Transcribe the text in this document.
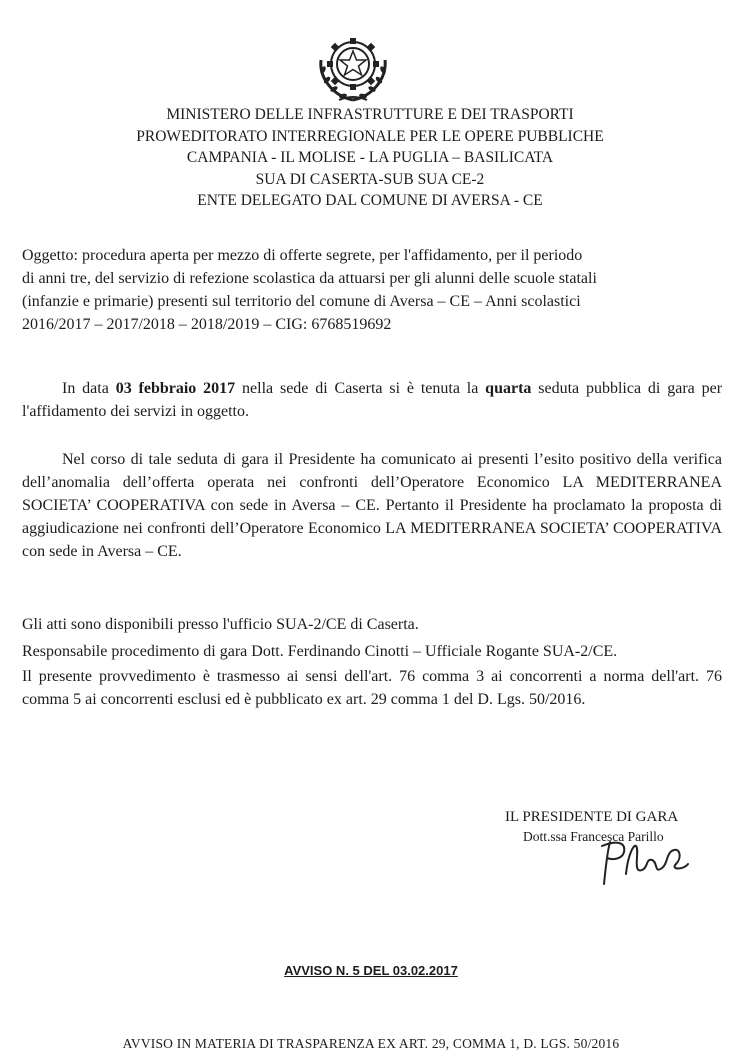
MINISTERO DELLE INFRASTRUTTURE E DEI TRASPORTI
PROWEDITORATO INTERREGIONALE PER LE OPERE PUBBLICHE
CAMPANIA - IL MOLISE - LA PUGLIA – BASILICATA
SUA DI CASERTA-SUB SUA CE-2
ENTE DELEGATO DAL COMUNE DI AVERSA - CE
Oggetto: procedura aperta per mezzo di offerte segrete, per l'affidamento, per il periodo
di anni tre, del servizio di refezione scolastica da attuarsi per gli alunni delle scuole statali
(infanzie e primarie) presenti sul territorio del comune di Aversa – CE – Anni scolastici
2016/2017 – 2017/2018 – 2018/2019 – CIG: 6768519692
In data 03 febbraio 2017 nella sede di Caserta si è tenuta la quarta seduta pubblica di gara per l'affidamento dei servizi in oggetto.
Nel corso di tale seduta di gara il Presidente ha comunicato ai presenti l’esito positivo della verifica dell’anomalia dell’offerta operata nei confronti dell’Operatore Economico LA MEDITERRANEA SOCIETA’ COOPERATIVA con sede in Aversa – CE. Pertanto il Presidente ha proclamato la proposta di aggiudicazione nei confronti dell’Operatore Economico LA MEDITERRANEA SOCIETA’ COOPERATIVA con sede in Aversa – CE.
Gli atti sono disponibili presso l'ufficio SUA-2/CE di Caserta.
Responsabile procedimento di gara Dott. Ferdinando Cinotti – Ufficiale Rogante SUA-2/CE.
Il presente provvedimento è trasmesso ai sensi dell'art. 76 comma 3 ai concorrenti a norma dell'art. 76 comma 5 ai concorrenti esclusi ed è pubblicato ex art. 29 comma 1 del D. Lgs. 50/2016.
IL PRESIDENTE DI GARA
Dott.ssa Francesca Parillo
AVVISO N. 5 DEL 03.02.2017
AVVISO IN MATERIA DI TRASPARENZA EX ART. 29, COMMA 1, D. LGS. 50/2016
